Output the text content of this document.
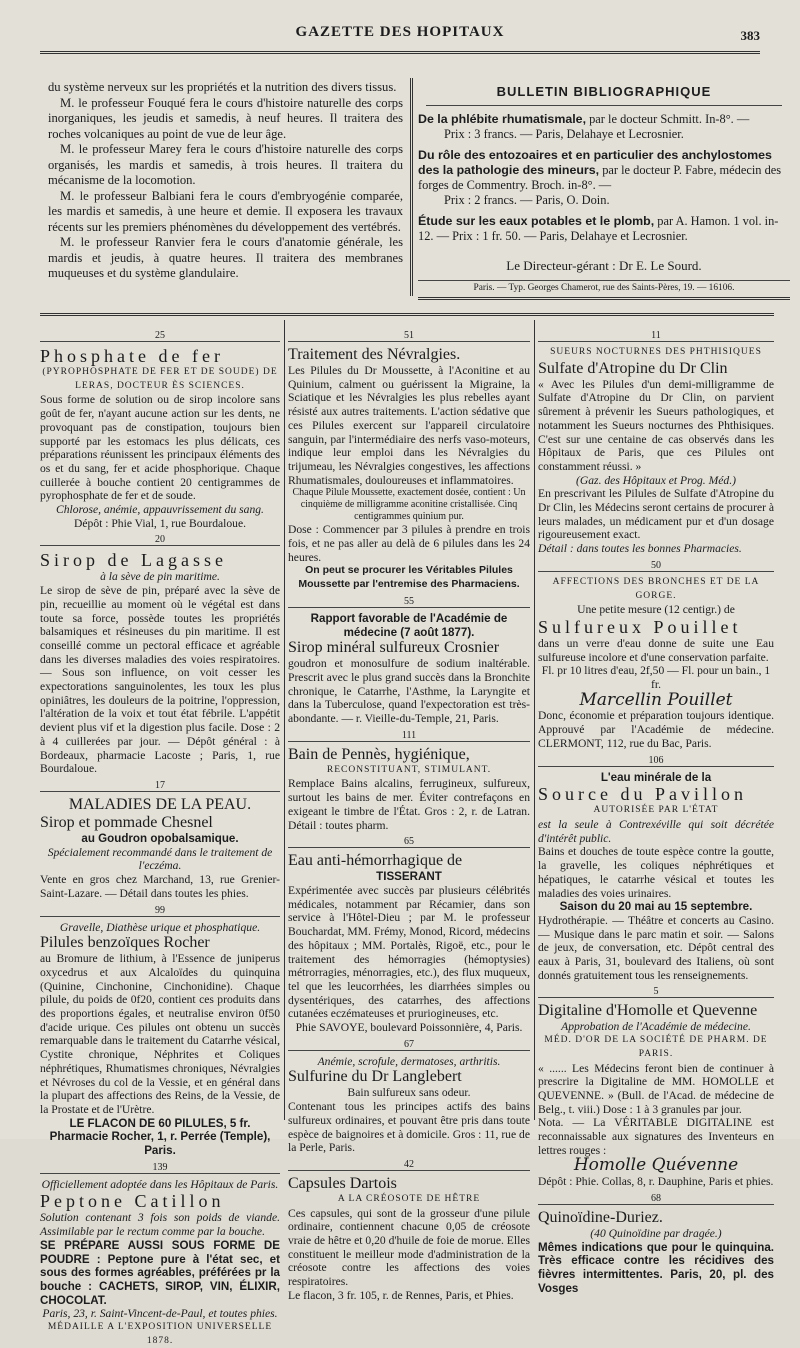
GAZETTE DES HOPITAUX	383

du système nerveux sur les propriétés et la nutrition des divers tissus.

M. le professeur Fouqué fera le cours d'histoire naturelle des corps inorganiques, les jeudis et samedis, à neuf heures. Il traitera des roches volcaniques au point de vue de leur âge.

M. le professeur Marey fera le cours d'histoire naturelle des corps organisés, les mardis et samedis, à trois heures. Il traitera du mécanisme de la locomotion.

M. le professeur Balbiani fera le cours d'embryogénie comparée, les mardis et samedis, à une heure et demie. Il exposera les travaux récents sur les premiers phénomènes du développement des vertébrés.

M. le professeur Ranvier fera le cours d'anatomie générale, les mardis et jeudis, à quatre heures. Il traitera des membranes muqueuses et du système glandulaire.

BULLETIN BIBLIOGRAPHIQUE
De la phlébite rhumatismale, par le docteur Schmitt. In-8°. —
Prix : 3 francs. — Paris, Delahaye et Lecrosnier.
Du rôle des entozoaires et en particulier des anchylostomes des la pathologie des mineurs, par le docteur P. Fabre, médecin des forges de Commentry. Broch. in-8°. —
Prix : 2 francs. — Paris, O. Doin.
Étude sur les eaux potables et le plomb, par A. Hamon. 1 vol. in-12. — Prix : 1 fr. 50. — Paris, Delahaye et Lecrosnier.
Le Directeur-gérant : Dr E. Le Sourd.
Paris. — Typ. Georges Chamerot, rue des Saints-Pères, 19. — 16106.
25
Phosphate de fer
(PYROPHOSPHATE DE FER ET DE SOUDE) DE LERAS, DOCTEUR ÈS SCIENCES.

Sous forme de solution ou de sirop incolore sans goût de fer, n'ayant aucune action sur les dents, ne provoquant pas de constipation, toujours bien supporté par les estomacs les plus délicats, ces préparations réunissent les principaux éléments des os et du sang, fer et acide phosphorique. Chaque cuillerée à bouche contient 20 centigrammes de pyrophosphate de fer et de soude.

Chlorose, anémie, appauvrissement du sang.

Dépôt : Phie Vial, 1, rue Bourdaloue.

20
Sirop de Lagasse

à la sève de pin maritime.

Le sirop de sève de pin, préparé avec la sève de pin, recueillie au moment où le végétal est dans toute sa force, possède toutes les propriétés balsamiques et résineuses du pin maritime. Il est conseillé comme un pectoral efficace et agréable dans les diverses maladies des voies respiratoires. — Sous son influence, on voit cesser les expectorations sanguinolentes, les toux les plus opiniâtres, les douleurs de la poitrine, l'oppression, l'altération de la voix et tout état fébrile. L'appétit devient plus vif et la digestion plus facile. Dose : 2 à 4 cuillerées par jour. — Dépôt général : à Bordeaux, pharmacie Lacoste ; Paris, 1, rue Bourdaloue.

17
MALADIES DE LA PEAU.
Sirop et pommade Chesnel

au Goudron opobalsamique.

Spécialement recommandé dans le traitement de l'eczéma.

Vente en gros chez Marchand, 13, rue Grenier-Saint-Lazare. — Détail dans toutes les phies.

99

Gravelle, Diathèse urique et phosphatique.

Pilules benzoïques Rocher

au Bromure de lithium, à l'Essence de juniperus oxycedrus et aux Alcaloïdes du quinquina (Quinine, Cinchonine, Cinchonidine). Chaque pilule, du poids de 0f20, contient ces produits dans des proportions égales, et neutralise environ 0f50 d'acide urique. Ces pilules ont obtenu un succès remarquable dans le traitement du Catarrhe vésical, Cystite chronique, Néphrites et Coliques néphrétiques, Rhumatismes chroniques, Névralgies et Névroses du col de la Vessie, et en général dans la plupart des affections des Reins, de la Vessie, de la Prostate et de l'Urètre.

LE FLACON DE 60 PILULES, 5 fr. Pharmacie Rocher, 1, r. Perrée (Temple), Paris.

139

Officiellement adoptée dans les Hôpitaux de Paris.

Peptone Catillon

Solution contenant 3 fois son poids de viande. Assimilable par le rectum comme par la bouche.

SE PRÉPARE AUSSI SOUS FORME DE POUDRE : Peptone pure à l'état sec, et sous des formes agréables, préférées pr la bouche : CACHETS, SIROP, VIN, ÉLIXIR, CHOCOLAT.

Paris, 23, r. Saint-Vincent-de-Paul, et toutes phies.

MÉDAILLE A L'EXPOSITION UNIVERSELLE 1878.

51
Traitement des Névralgies.

Les Pilules du Dr Moussette, à l'Aconitine et au Quinium, calment ou guérissent la Migraine, la Sciatique et les Névralgies les plus rebelles ayant résisté aux autres traitements. L'action sédative que ces Pilules exercent sur l'appareil circulatoire sanguin, par l'intermédiaire des nerfs vaso-moteurs, indique leur emploi dans les Névralgies du trijumeau, les Névralgies congestives, les affections Rhumatismales, douloureuses et inflammatoires.

Chaque Pilule Moussette, exactement dosée, contient : Un cinquième de milligramme aconitine cristallisée. Cinq centigrammes quinium pur.

Dose : Commencer par 3 pilules à prendre en trois fois, et ne pas aller au delà de 6 pilules dans les 24 heures.

On peut se procurer les Véritables Pilules Moussette par l'entremise des Pharmaciens.

55

Rapport favorable de l'Académie de médecine (7 août 1877).

Sirop minéral sulfureux Crosnier

goudron et monosulfure de sodium inaltérable. Prescrit avec le plus grand succès dans la Bronchite chronique, le Catarrhe, l'Asthme, la Laryngite et dans la Tuberculose, quand l'expectoration est très-abondante. — r. Vieille-du-Temple, 21, Paris.

111
Bain de Pennès, hygiénique,

RECONSTITUANT, STIMULANT.

Remplace Bains alcalins, ferrugineux, sulfureux, surtout les bains de mer. Éviter contrefaçons en exigeant le timbre de l'État. Gros : 2, r. de Latran. Détail : toutes pharm.

65
Eau anti-hémorrhagique de

TISSERANT

Expérimentée avec succès par plusieurs célébrités médicales, notamment par Récamier, dans son service à l'Hôtel-Dieu ; par M. le professeur Bouchardat, MM. Frémy, Monod, Ricord, médecins des hôpitaux ; MM. Portalès, Rigoë, etc., pour le traitement des hémorragies (hémoptysies) métrorragies, ménorragies, etc.), des flux muqueux, tel que les leucorrhées, les diarrhées simples ou dysentériques, des catarrhes, des affections cutanées eczémateuses et pruriogineuses, etc.

Phie SAVOYE, boulevard Poissonnière, 4, Paris.

67

Anémie, scrofule, dermatoses, arthritis.

Sulfurine du Dr Langlebert

Bain sulfureux sans odeur.

Contenant tous les principes actifs des bains sulfureux ordinaires, et pouvant être pris dans toute espèce de baignoires et à domicile. Gros : 11, rue de la Perle, Paris.

42
Capsules Dartois

A LA CRÉOSOTE DE HÊTRE

Ces capsules, qui sont de la grosseur d'une pilule ordinaire, contiennent chacune 0,05 de créosote vraie de hêtre et 0,20 d'huile de foie de morue. Elles constituent le meilleur mode d'administration de la créosote contre les affections des voies respiratoires.

Le flacon, 3 fr. 105, r. de Rennes, Paris, et Phies.

11

SUEURS NOCTURNES DES PHTHISIQUES

Sulfate d'Atropine du Dr Clin

« Avec les Pilules d'un demi-milligramme de Sulfate d'Atropine du Dr Clin, on parvient sûrement à prévenir les Sueurs pathologiques, et notamment les Sueurs nocturnes des Phthisiques. C'est sur une centaine de cas observés dans les Hôpitaux de Paris, que ces Pilules ont constamment réussi. »

(Gaz. des Hôpitaux et Prog. Méd.)

En prescrivant les Pilules de Sulfate d'Atropine du Dr Clin, les Médecins seront certains de procurer à leurs malades, un médicament pur et d'un dosage rigoureusement exact.

Détail : dans toutes les bonnes Pharmacies.

50

AFFECTIONS DES BRONCHES ET DE LA GORGE.

Une petite mesure (12 centigr.) de

Sulfureux Pouillet

dans un verre d'eau donne de suite une Eau sulfureuse incolore et d'une conservation parfaite.

Fl. pr 10 litres d'eau, 2f,50 — Fl. pour un bain., 1 fr.

Marcellin Pouillet

Donc, économie et préparation toujours identique. Approuvé par l'Académie de médecine. CLERMONT, 112, rue du Bac, Paris.

106

L'eau minérale de la

Source du Pavillon

AUTORISÉE PAR L'ÉTAT

est la seule à Contrexéville qui soit décrétée d'intérêt public.

Bains et douches de toute espèce contre la goutte, la gravelle, les coliques néphrétiques et hépatiques, le catarrhe vésical et toutes les maladies des voies urinaires.

Saison du 20 mai au 15 septembre.

Hydrothérapie. — Théâtre et concerts au Casino. — Musique dans le parc matin et soir. — Salons de jeux, de conversation, etc. Dépôt central des eaux à Paris, 31, boulevard des Italiens, où sont donnés gratuitement tous les renseignements.

5
Digitaline d'Homolle et Quevenne

Approbation de l'Académie de médecine.

MÉD. D'OR DE LA SOCIÉTÉ DE PHARM. DE PARIS.

« ...... Les Médecins feront bien de continuer à prescrire la Digitaline de MM. HOMOLLE et QUEVENNE. » (Bull. de l'Acad. de médecine de Belg., t. viii.) Dose : 1 à 3 granules par jour.

Nota. — La VÉRITABLE DIGITALINE est reconnaissable aux signatures des Inventeurs en lettres rouges :

Homolle Quévenne

Dépôt : Phie. Collas, 8, r. Dauphine, Paris et phies.

68
Quinoïdine-Duriez.

(40 Quinoïdine par dragée.)

Mêmes indications que pour le quinquina. Très efficace contre les récidives des fièvres intermittentes. Paris, 20, pl. des Vosges
